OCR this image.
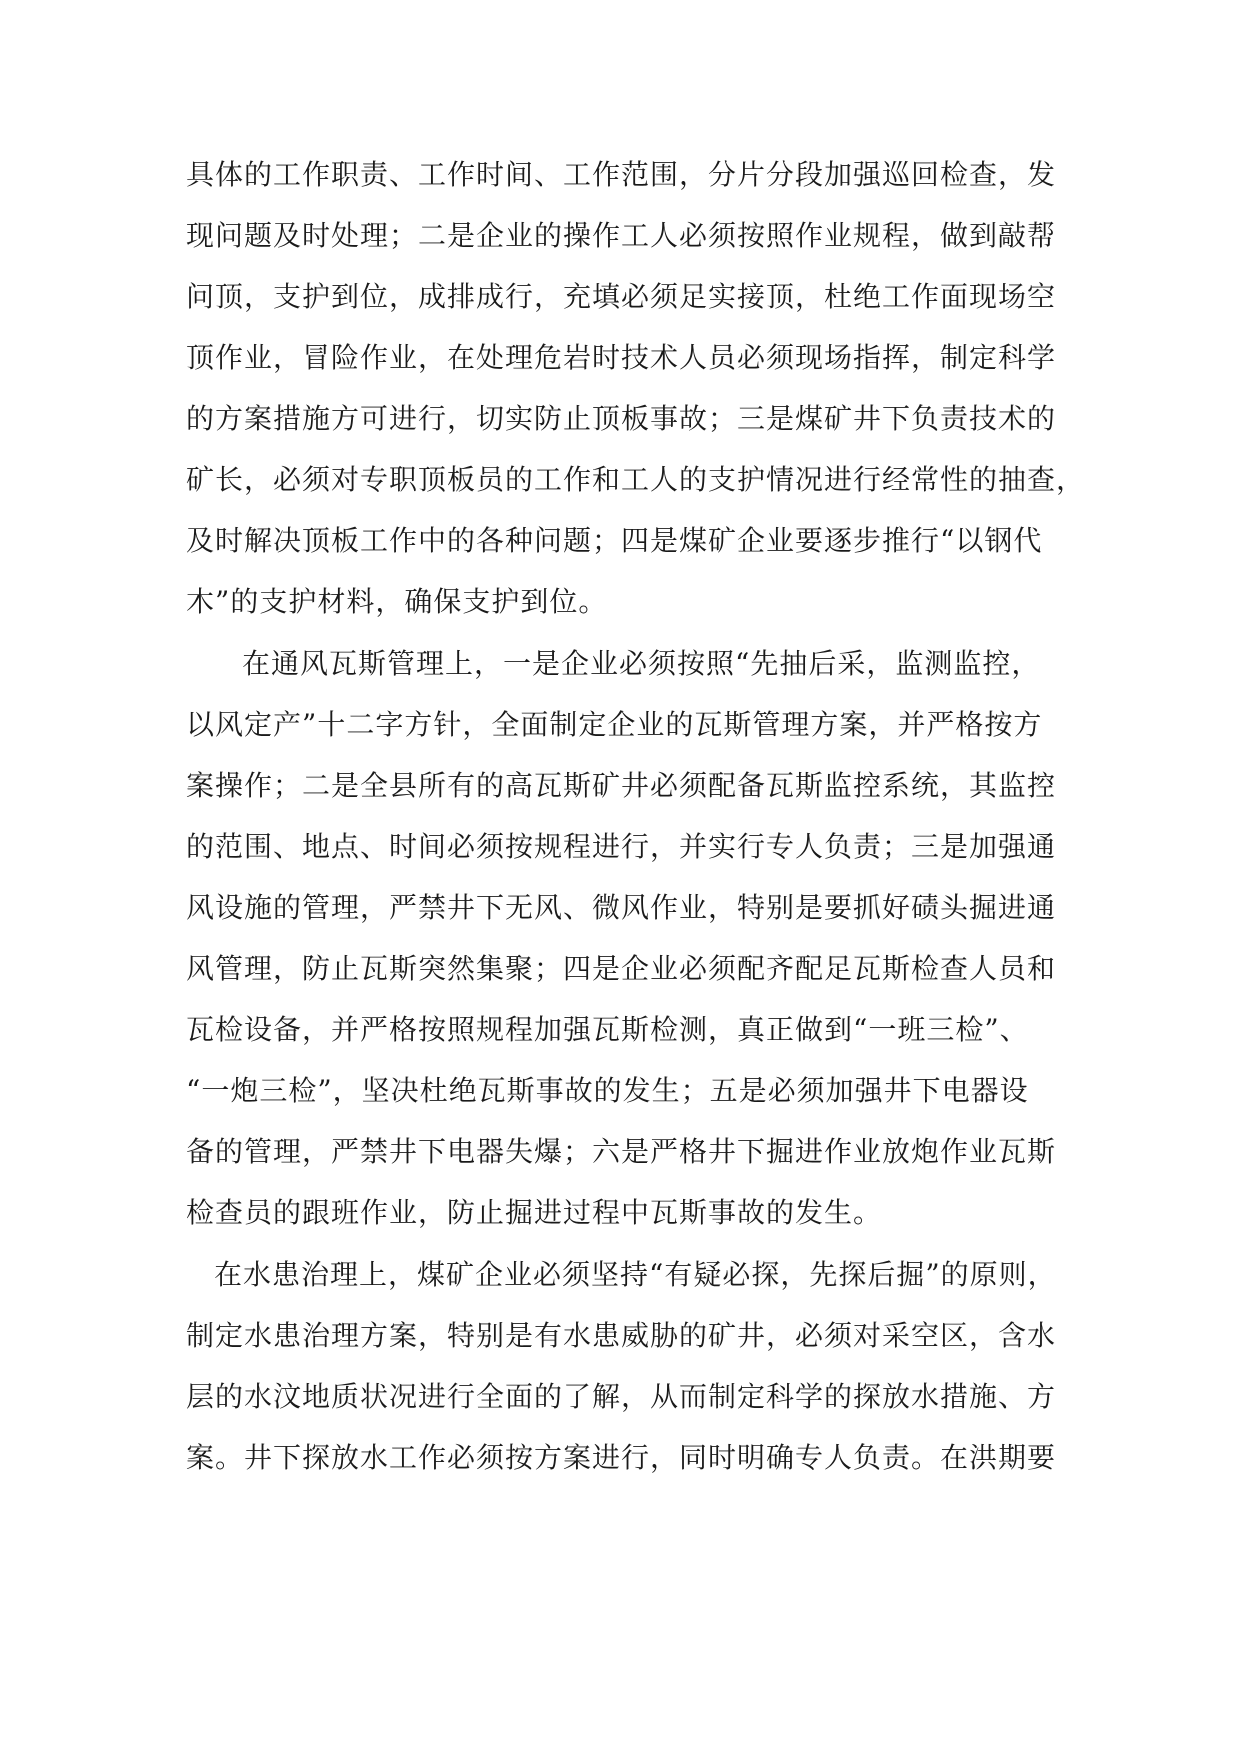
具体的工作职责、工作时间、工作范围，分片分段加强巡回检查，发
现问题及时处理；二是企业的操作工人必须按照作业规程，做到敲帮
问顶，支护到位，成排成行，充填必须足实接顶，杜绝工作面现场空
顶作业，冒险作业，在处理危岩时技术人员必须现场指挥，制定科学
的方案措施方可进行，切实防止顶板事故；三是煤矿井下负责技术的
矿长，必须对专职顶板员的工作和工人的支护情况进行经常性的抽查，
及时解决顶板工作中的各种问题；四是煤矿企业要逐步推行“以钢代
木”的支护材料，确保支护到位。
在通风瓦斯管理上，一是企业必须按照“先抽后采，监测监控，
以风定产”十二字方针，全面制定企业的瓦斯管理方案，并严格按方
案操作；二是全县所有的高瓦斯矿井必须配备瓦斯监控系统，其监控
的范围、地点、时间必须按规程进行，并实行专人负责；三是加强通
风设施的管理，严禁井下无风、微风作业，特别是要抓好碛头掘进通
风管理，防止瓦斯突然集聚；四是企业必须配齐配足瓦斯检查人员和
瓦检设备，并严格按照规程加强瓦斯检测，真正做到“一班三检”、
“一炮三检”，坚决杜绝瓦斯事故的发生；五是必须加强井下电器设
备的管理，严禁井下电器失爆；六是严格井下掘进作业放炮作业瓦斯
检查员的跟班作业，防止掘进过程中瓦斯事故的发生。
在水患治理上，煤矿企业必须坚持“有疑必探，先探后掘”的原则，
制定水患治理方案，特别是有水患威胁的矿井，必须对采空区，含水
层的水汶地质状况进行全面的了解，从而制定科学的探放水措施、方
案。井下探放水工作必须按方案进行，同时明确专人负责。在洪期要
